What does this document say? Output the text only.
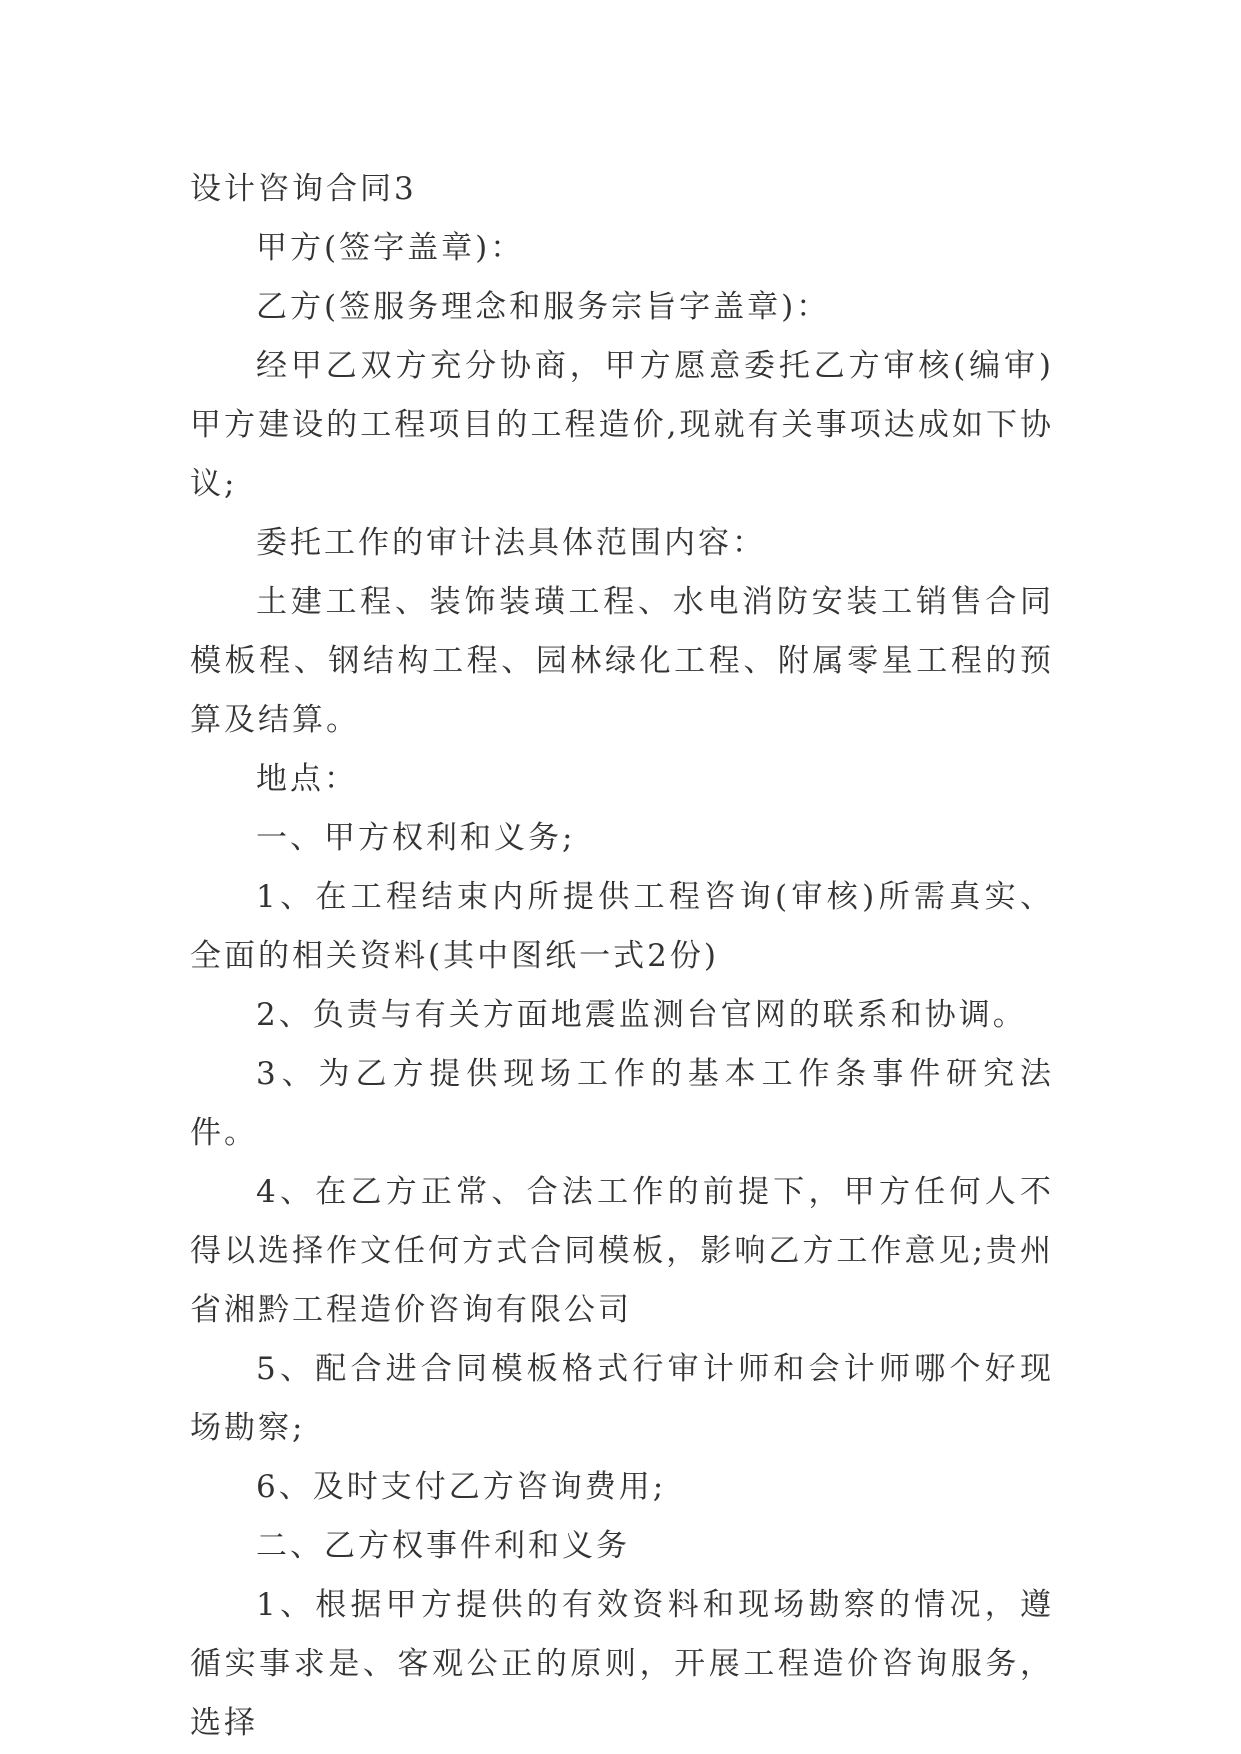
设计咨询合同3

甲方(签字盖章)：

乙方(签服务理念和服务宗旨字盖章)：

经甲乙双方充分协商，甲方愿意委托乙方审核(编审)甲方建设的工程项目的工程造价,现就有关事项达成如下协议;

委托工作的审计法具体范围内容：

土建工程、装饰装璜工程、水电消防安装工销售合同模板程、钢结构工程、园林绿化工程、附属零星工程的预算及结算。

地点：

一、甲方权利和义务;

1、在工程结束内所提供工程咨询(审核)所需真实、全面的相关资料(其中图纸一式2份)

2、负责与有关方面地震监测台官网的联系和协调。

3、为乙方提供现场工作的基本工作条事件研究法件。

4、在乙方正常、合法工作的前提下，甲方任何人不得以选择作文任何方式合同模板，影响乙方工作意见;贵州省湘黔工程造价咨询有限公司

5、配合进合同模板格式行审计师和会计师哪个好现场勘察;

6、及时支付乙方咨询费用;

二、乙方权事件利和义务

1、根据甲方提供的有效资料和现场勘察的情况，遵循实事求是、客观公正的原则，开展工程造价咨询服务，选择
